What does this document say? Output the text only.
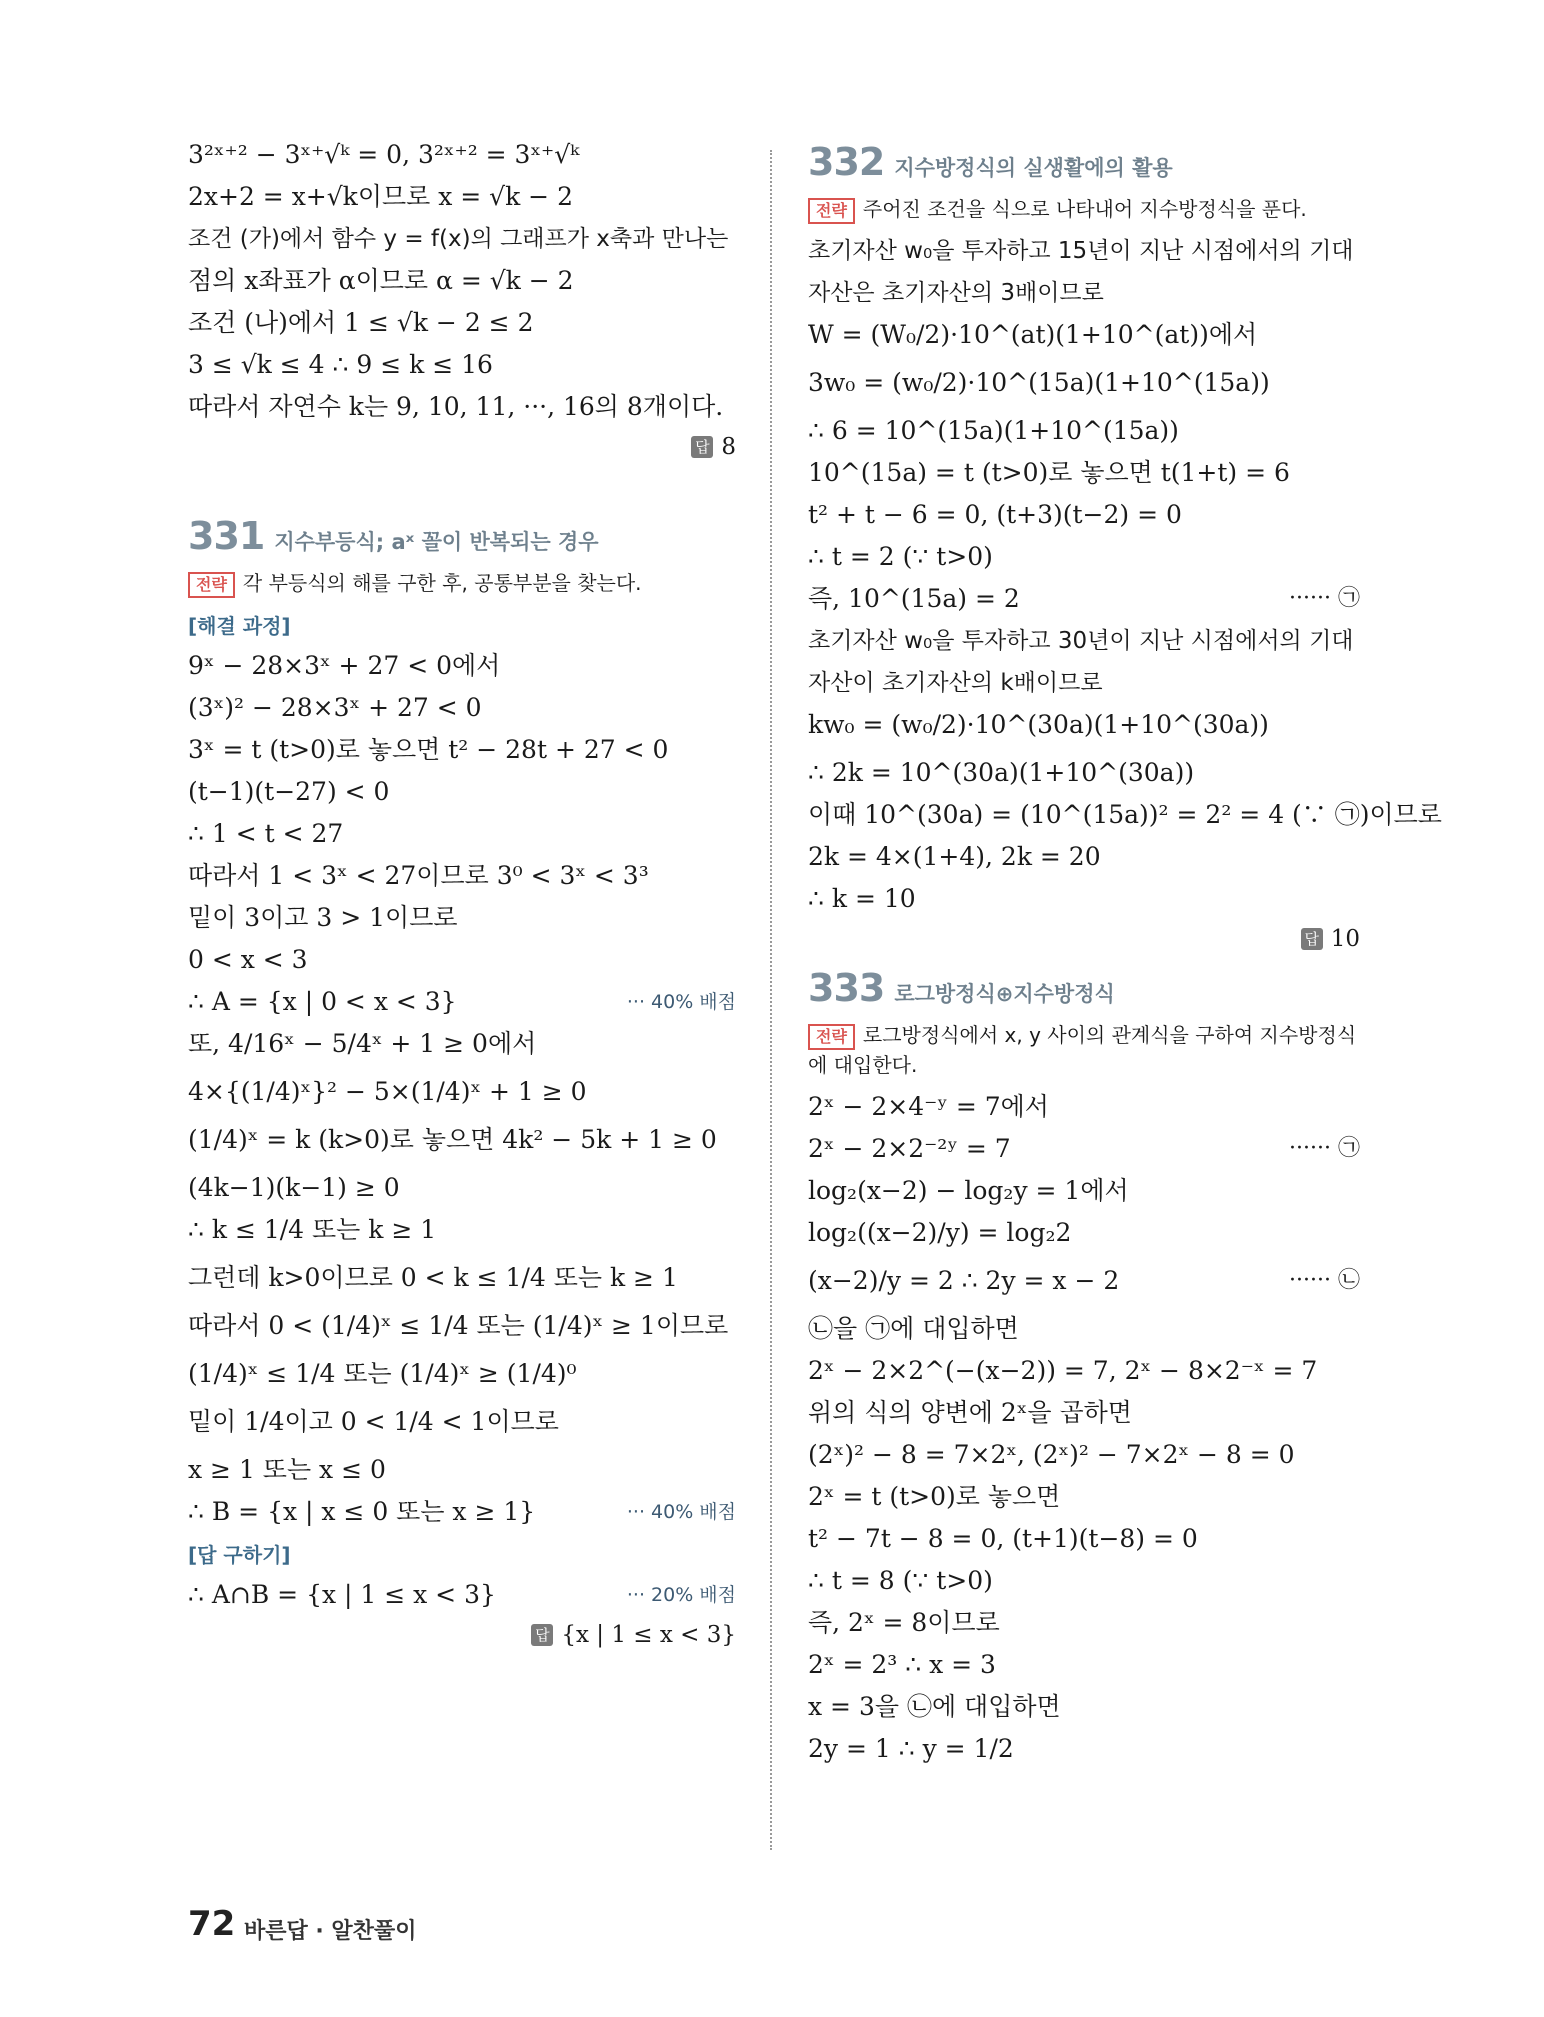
3²ˣ⁺² − 3ˣ⁺√ᵏ = 0, 3²ˣ⁺² = 3ˣ⁺√ᵏ
2x+2 = x+√k이므로 x = √k − 2
조건 (가)에서 함수 y = f(x)의 그래프가 x축과 만나는
점의 x좌표가 α이므로 α = √k − 2
조건 (나)에서 1 ≤ √k − 2 ≤ 2
3 ≤ √k ≤ 4 ∴ 9 ≤ k ≤ 16
따라서 자연수 k는 9, 10, 11, ···, 16의 8개이다.
답 8
331 지수부등식; aˣ 꼴이 반복되는 경우
전략 각 부등식의 해를 구한 후, 공통부분을 찾는다.
[해결 과정]
9ˣ − 28×3ˣ + 27 < 0에서
(3ˣ)² − 28×3ˣ + 27 < 0
3ˣ = t (t>0)로 놓으면 t² − 28t + 27 < 0
(t−1)(t−27) < 0
∴ 1 < t < 27
따라서 1 < 3ˣ < 27이므로 3⁰ < 3ˣ < 3³
밑이 3이고 3 > 1이므로
0 < x < 3
∴ A = {x | 0 < x < 3}	··· 40% 배점
또, 4/16ˣ − 5/4ˣ + 1 ≥ 0에서
4×{(1/4)ˣ}² − 5×(1/4)ˣ + 1 ≥ 0
(1/4)ˣ = k (k>0)로 놓으면 4k² − 5k + 1 ≥ 0
(4k−1)(k−1) ≥ 0
∴ k ≤ 1/4 또는 k ≥ 1
그런데 k>0이므로 0 < k ≤ 1/4 또는 k ≥ 1
따라서 0 < (1/4)ˣ ≤ 1/4 또는 (1/4)ˣ ≥ 1이므로
(1/4)ˣ ≤ 1/4 또는 (1/4)ˣ ≥ (1/4)⁰
밑이 1/4이고 0 < 1/4 < 1이므로
x ≥ 1 또는 x ≤ 0
∴ B = {x | x ≤ 0 또는 x ≥ 1}	··· 40% 배점
[답 구하기]
∴ A∩B = {x | 1 ≤ x < 3}	··· 20% 배점
답 {x | 1 ≤ x < 3}
332 지수방정식의 실생활에의 활용
전략 주어진 조건을 식으로 나타내어 지수방정식을 푼다.
초기자산 w₀을 투자하고 15년이 지난 시점에서의 기대
자산은 초기자산의 3배이므로
W = (W₀/2)·10^(at)(1+10^(at))에서
3w₀ = (w₀/2)·10^(15a)(1+10^(15a))
∴ 6 = 10^(15a)(1+10^(15a))
10^(15a) = t (t>0)로 놓으면 t(1+t) = 6
t² + t − 6 = 0, (t+3)(t−2) = 0
∴ t = 2 (∵ t>0)
즉, 10^(15a) = 2	······ ㉠
초기자산 w₀을 투자하고 30년이 지난 시점에서의 기대
자산이 초기자산의 k배이므로
kw₀ = (w₀/2)·10^(30a)(1+10^(30a))
∴ 2k = 10^(30a)(1+10^(30a))
이때 10^(30a) = (10^(15a))² = 2² = 4 (∵ ㉠)이므로
2k = 4×(1+4), 2k = 20
∴ k = 10
답 10
333 로그방정식⊕지수방정식
전략 로그방정식에서 x, y 사이의 관계식을 구하여 지수방정식
에 대입한다.
2ˣ − 2×4⁻ʸ = 7에서
2ˣ − 2×2⁻²ʸ = 7	······ ㉠
log₂(x−2) − log₂y = 1에서
log₂((x−2)/y) = log₂2
(x−2)/y = 2 ∴ 2y = x − 2	······ ㉡
㉡을 ㉠에 대입하면
2ˣ − 2×2^(−(x−2)) = 7, 2ˣ − 8×2⁻ˣ = 7
위의 식의 양변에 2ˣ을 곱하면
(2ˣ)² − 8 = 7×2ˣ, (2ˣ)² − 7×2ˣ − 8 = 0
2ˣ = t (t>0)로 놓으면
t² − 7t − 8 = 0, (t+1)(t−8) = 0
∴ t = 8 (∵ t>0)
즉, 2ˣ = 8이므로
2ˣ = 2³ ∴ x = 3
x = 3을 ㉡에 대입하면
2y = 1 ∴ y = 1/2
72 바른답 · 알찬풀이
